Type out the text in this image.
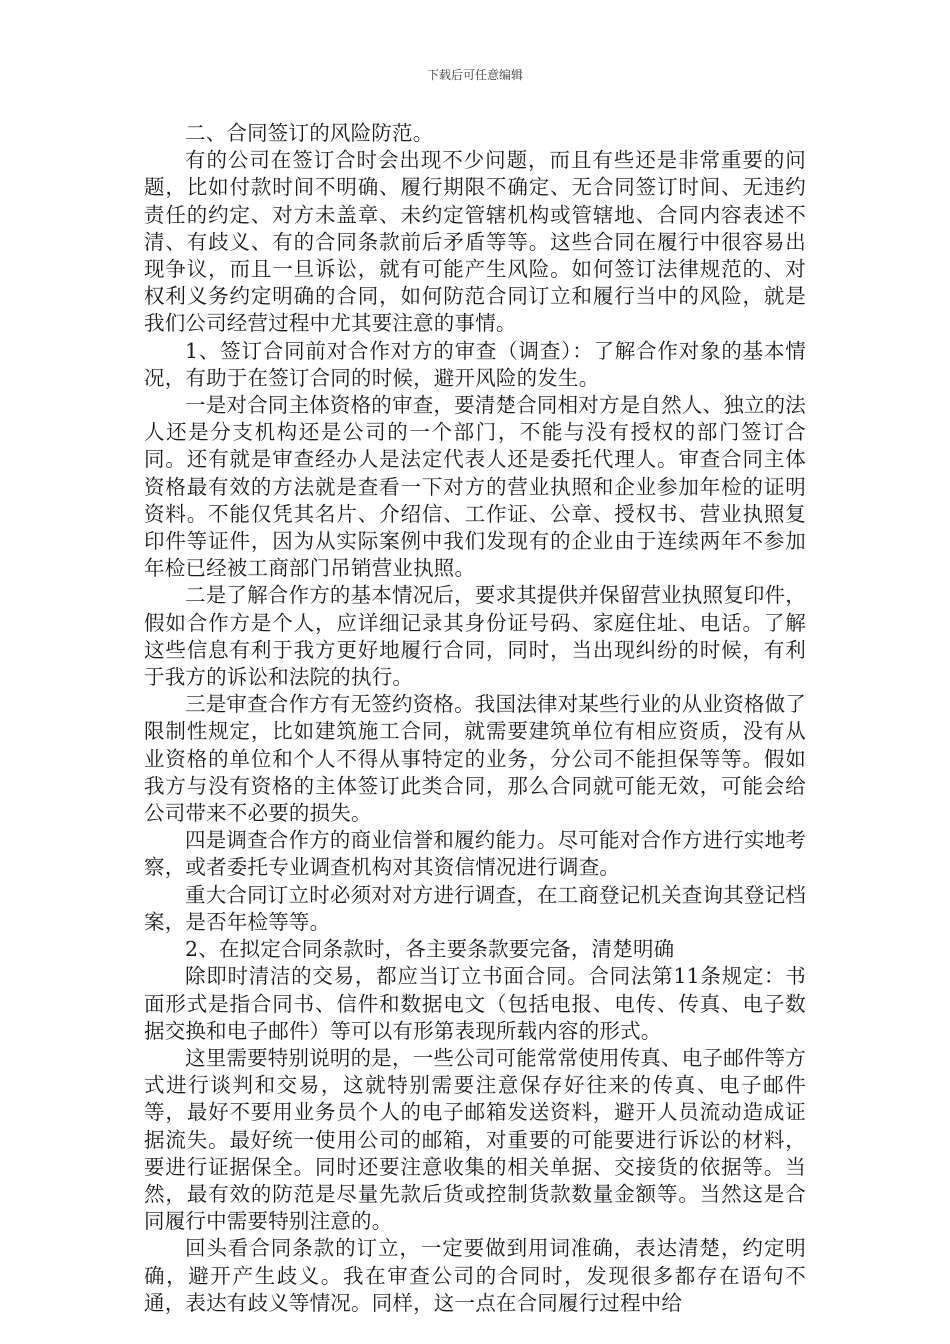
下载后可任意编辑

二、合同签订的风险防范。

有的公司在签订合时会出现不少问题，而且有些还是非常重要的问题，比如付款时间不明确、履行期限不确定、无合同签订时间、无违约责任的约定、对方未盖章、未约定管辖机构或管辖地、合同内容表述不清、有歧义、有的合同条款前后矛盾等等。这些合同在履行中很容易出现争议，而且一旦诉讼，就有可能产生风险。如何签订法律规范的、对权利义务约定明确的合同，如何防范合同订立和履行当中的风险，就是我们公司经营过程中尤其要注意的事情。

1、签订合同前对合作对方的审查（调查）：了解合作对象的基本情况，有助于在签订合同的时候，避开风险的发生。

一是对合同主体资格的审查，要清楚合同相对方是自然人、独立的法人还是分支机构还是公司的一个部门，不能与没有授权的部门签订合同。还有就是审查经办人是法定代表人还是委托代理人。审查合同主体资格最有效的方法就是查看一下对方的营业执照和企业参加年检的证明资料。不能仅凭其名片、介绍信、工作证、公章、授权书、营业执照复印件等证件，因为从实际案例中我们发现有的企业由于连续两年不参加年检已经被工商部门吊销营业执照。

二是了解合作方的基本情况后，要求其提供并保留营业执照复印件，假如合作方是个人，应详细记录其身份证号码、家庭住址、电话。了解这些信息有利于我方更好地履行合同，同时，当出现纠纷的时候，有利于我方的诉讼和法院的执行。

三是审查合作方有无签约资格。我国法律对某些行业的从业资格做了限制性规定，比如建筑施工合同，就需要建筑单位有相应资质，没有从业资格的单位和个人不得从事特定的业务，分公司不能担保等等。假如我方与没有资格的主体签订此类合同，那么合同就可能无效，可能会给公司带来不必要的损失。

四是调查合作方的商业信誉和履约能力。尽可能对合作方进行实地考察，或者委托专业调查机构对其资信情况进行调查。

重大合同订立时必须对对方进行调查，在工商登记机关查询其登记档案，是否年检等等。

2、在拟定合同条款时，各主要条款要完备，清楚明确

除即时清洁的交易，都应当订立书面合同。合同法第11条规定：书面形式是指合同书、信件和数据电文（包括电报、电传、传真、电子数据交换和电子邮件）等可以有形第表现所载内容的形式。

这里需要特别说明的是，一些公司可能常常使用传真、电子邮件等方式进行谈判和交易，这就特别需要注意保存好往来的传真、电子邮件等，最好不要用业务员个人的电子邮箱发送资料，避开人员流动造成证据流失。最好统一使用公司的邮箱，对重要的可能要进行诉讼的材料，要进行证据保全。同时还要注意收集的相关单据、交接货的依据等。当然，最有效的防范是尽量先款后货或控制货款数量金额等。当然这是合同履行中需要特别注意的。

回头看合同条款的订立，一定要做到用词准确，表达清楚，约定明确，避开产生歧义。我在审查公司的合同时，发现很多都存在语句不通，表达有歧义等情况。同样，这一点在合同履行过程中给
